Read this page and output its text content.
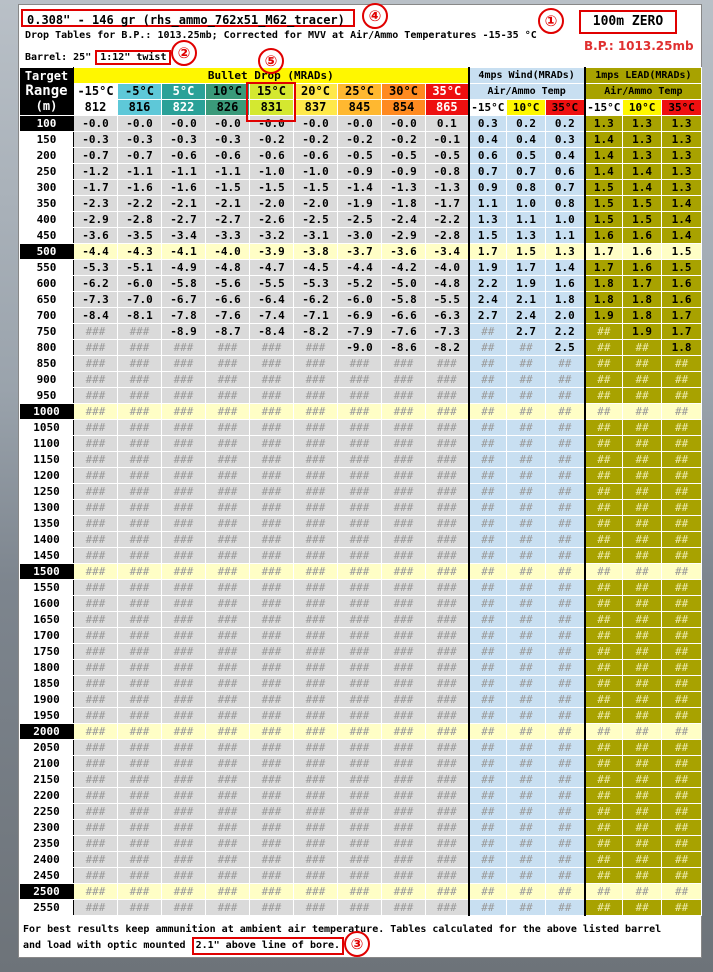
0.308" - 146 gr (rhs_ammo_762x51_M62_tracer)	100m ZERO
B.P.: 1013.25mb
Drop Tables for B.P.: 1013.25mb; Corrected for MVV at Air/Ammo Temperatures -15-35 °C
Barrel: 25" 1:12" twist
Target
Range
(m)	Bullet Drop (MRADs)									4mps Wind(MRADs)			1mps LEAD(MRADs)		
	-15°C	-5°C	5°C	10°C	15°C	20°C	25°C	30°C	35°C	Air/Ammo Temp			Air/Ammo Temp		
	812	816	822	826	831	837	845	854	865	-15°C	10°C	35°C	-15°C	10°C	35°C
100	-0.0	-0.0	-0.0	-0.0	-0.0	-0.0	-0.0	-0.0	0.1	0.3	0.2	0.2	1.3	1.3	1.3
150	-0.3	-0.3	-0.3	-0.3	-0.2	-0.2	-0.2	-0.2	-0.1	0.4	0.4	0.3	1.4	1.3	1.3
200	-0.7	-0.7	-0.6	-0.6	-0.6	-0.6	-0.5	-0.5	-0.5	0.6	0.5	0.4	1.4	1.3	1.3
250	-1.2	-1.1	-1.1	-1.1	-1.0	-1.0	-0.9	-0.9	-0.8	0.7	0.7	0.6	1.4	1.4	1.3
300	-1.7	-1.6	-1.6	-1.5	-1.5	-1.5	-1.4	-1.3	-1.3	0.9	0.8	0.7	1.5	1.4	1.3
350	-2.3	-2.2	-2.1	-2.1	-2.0	-2.0	-1.9	-1.8	-1.7	1.1	1.0	0.8	1.5	1.5	1.4
400	-2.9	-2.8	-2.7	-2.7	-2.6	-2.5	-2.5	-2.4	-2.2	1.3	1.1	1.0	1.5	1.5	1.4
450	-3.6	-3.5	-3.4	-3.3	-3.2	-3.1	-3.0	-2.9	-2.8	1.5	1.3	1.1	1.6	1.6	1.4
500	-4.4	-4.3	-4.1	-4.0	-3.9	-3.8	-3.7	-3.6	-3.4	1.7	1.5	1.3	1.7	1.6	1.5
550	-5.3	-5.1	-4.9	-4.8	-4.7	-4.5	-4.4	-4.2	-4.0	1.9	1.7	1.4	1.7	1.6	1.5
600	-6.2	-6.0	-5.8	-5.6	-5.5	-5.3	-5.2	-5.0	-4.8	2.2	1.9	1.6	1.8	1.7	1.6
650	-7.3	-7.0	-6.7	-6.6	-6.4	-6.2	-6.0	-5.8	-5.5	2.4	2.1	1.8	1.8	1.8	1.6
700	-8.4	-8.1	-7.8	-7.6	-7.4	-7.1	-6.9	-6.6	-6.3	2.7	2.4	2.0	1.9	1.8	1.7
750	###	###	-8.9	-8.7	-8.4	-8.2	-7.9	-7.6	-7.3	##	2.7	2.2	##	1.9	1.7
800	###	###	###	###	###	###	-9.0	-8.6	-8.2	##	##	2.5	##	##	1.8
850	###	###	###	###	###	###	###	###	###	##	##	##	##	##	##
900	###	###	###	###	###	###	###	###	###	##	##	##	##	##	##
950	###	###	###	###	###	###	###	###	###	##	##	##	##	##	##
1000	###	###	###	###	###	###	###	###	###	##	##	##	##	##	##
1050	###	###	###	###	###	###	###	###	###	##	##	##	##	##	##
1100	###	###	###	###	###	###	###	###	###	##	##	##	##	##	##
1150	###	###	###	###	###	###	###	###	###	##	##	##	##	##	##
1200	###	###	###	###	###	###	###	###	###	##	##	##	##	##	##
1250	###	###	###	###	###	###	###	###	###	##	##	##	##	##	##
1300	###	###	###	###	###	###	###	###	###	##	##	##	##	##	##
1350	###	###	###	###	###	###	###	###	###	##	##	##	##	##	##
1400	###	###	###	###	###	###	###	###	###	##	##	##	##	##	##
1450	###	###	###	###	###	###	###	###	###	##	##	##	##	##	##
1500	###	###	###	###	###	###	###	###	###	##	##	##	##	##	##
1550	###	###	###	###	###	###	###	###	###	##	##	##	##	##	##
1600	###	###	###	###	###	###	###	###	###	##	##	##	##	##	##
1650	###	###	###	###	###	###	###	###	###	##	##	##	##	##	##
1700	###	###	###	###	###	###	###	###	###	##	##	##	##	##	##
1750	###	###	###	###	###	###	###	###	###	##	##	##	##	##	##
1800	###	###	###	###	###	###	###	###	###	##	##	##	##	##	##
1850	###	###	###	###	###	###	###	###	###	##	##	##	##	##	##
1900	###	###	###	###	###	###	###	###	###	##	##	##	##	##	##
1950	###	###	###	###	###	###	###	###	###	##	##	##	##	##	##
2000	###	###	###	###	###	###	###	###	###	##	##	##	##	##	##
2050	###	###	###	###	###	###	###	###	###	##	##	##	##	##	##
2100	###	###	###	###	###	###	###	###	###	##	##	##	##	##	##
2150	###	###	###	###	###	###	###	###	###	##	##	##	##	##	##
2200	###	###	###	###	###	###	###	###	###	##	##	##	##	##	##
2250	###	###	###	###	###	###	###	###	###	##	##	##	##	##	##
2300	###	###	###	###	###	###	###	###	###	##	##	##	##	##	##
2350	###	###	###	###	###	###	###	###	###	##	##	##	##	##	##
2400	###	###	###	###	###	###	###	###	###	##	##	##	##	##	##
2450	###	###	###	###	###	###	###	###	###	##	##	##	##	##	##
2500	###	###	###	###	###	###	###	###	###	##	##	##	##	##	##
2550	###	###	###	###	###	###	###	###	###	##	##	##	##	##	##
For best results keep ammunition at ambient air temperature. Tables calculated for the above listed barrel
and load with optic mounted 2.1" above line of bore.
①
②
③
④
⑤
